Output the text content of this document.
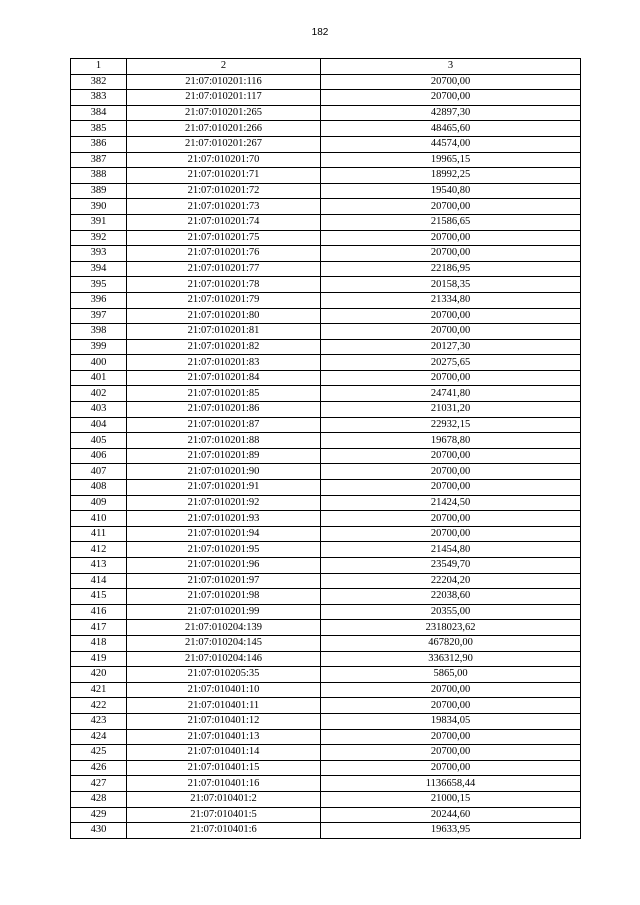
182
1	2	3
382	21:07:010201:116	20700,00
383	21:07:010201:117	20700,00
384	21:07:010201:265	42897,30
385	21:07:010201:266	48465,60
386	21:07:010201:267	44574,00
387	21:07:010201:70	19965,15
388	21:07:010201:71	18992,25
389	21:07:010201:72	19540,80
390	21:07:010201:73	20700,00
391	21:07:010201:74	21586,65
392	21:07:010201:75	20700,00
393	21:07:010201:76	20700,00
394	21:07:010201:77	22186,95
395	21:07:010201:78	20158,35
396	21:07:010201:79	21334,80
397	21:07:010201:80	20700,00
398	21:07:010201:81	20700,00
399	21:07:010201:82	20127,30
400	21:07:010201:83	20275,65
401	21:07:010201:84	20700,00
402	21:07:010201:85	24741,80
403	21:07:010201:86	21031,20
404	21:07:010201:87	22932,15
405	21:07:010201:88	19678,80
406	21:07:010201:89	20700,00
407	21:07:010201:90	20700,00
408	21:07:010201:91	20700,00
409	21:07:010201:92	21424,50
410	21:07:010201:93	20700,00
411	21:07:010201:94	20700,00
412	21:07:010201:95	21454,80
413	21:07:010201:96	23549,70
414	21:07:010201:97	22204,20
415	21:07:010201:98	22038,60
416	21:07:010201:99	20355,00
417	21:07:010204:139	2318023,62
418	21:07:010204:145	467820,00
419	21:07:010204:146	336312,90
420	21:07:010205:35	5865,00
421	21:07:010401:10	20700,00
422	21:07:010401:11	20700,00
423	21:07:010401:12	19834,05
424	21:07:010401:13	20700,00
425	21:07:010401:14	20700,00
426	21:07:010401:15	20700,00
427	21:07:010401:16	1136658,44
428	21:07:010401:2	21000,15
429	21:07:010401:5	20244,60
430	21:07:010401:6	19633,95
